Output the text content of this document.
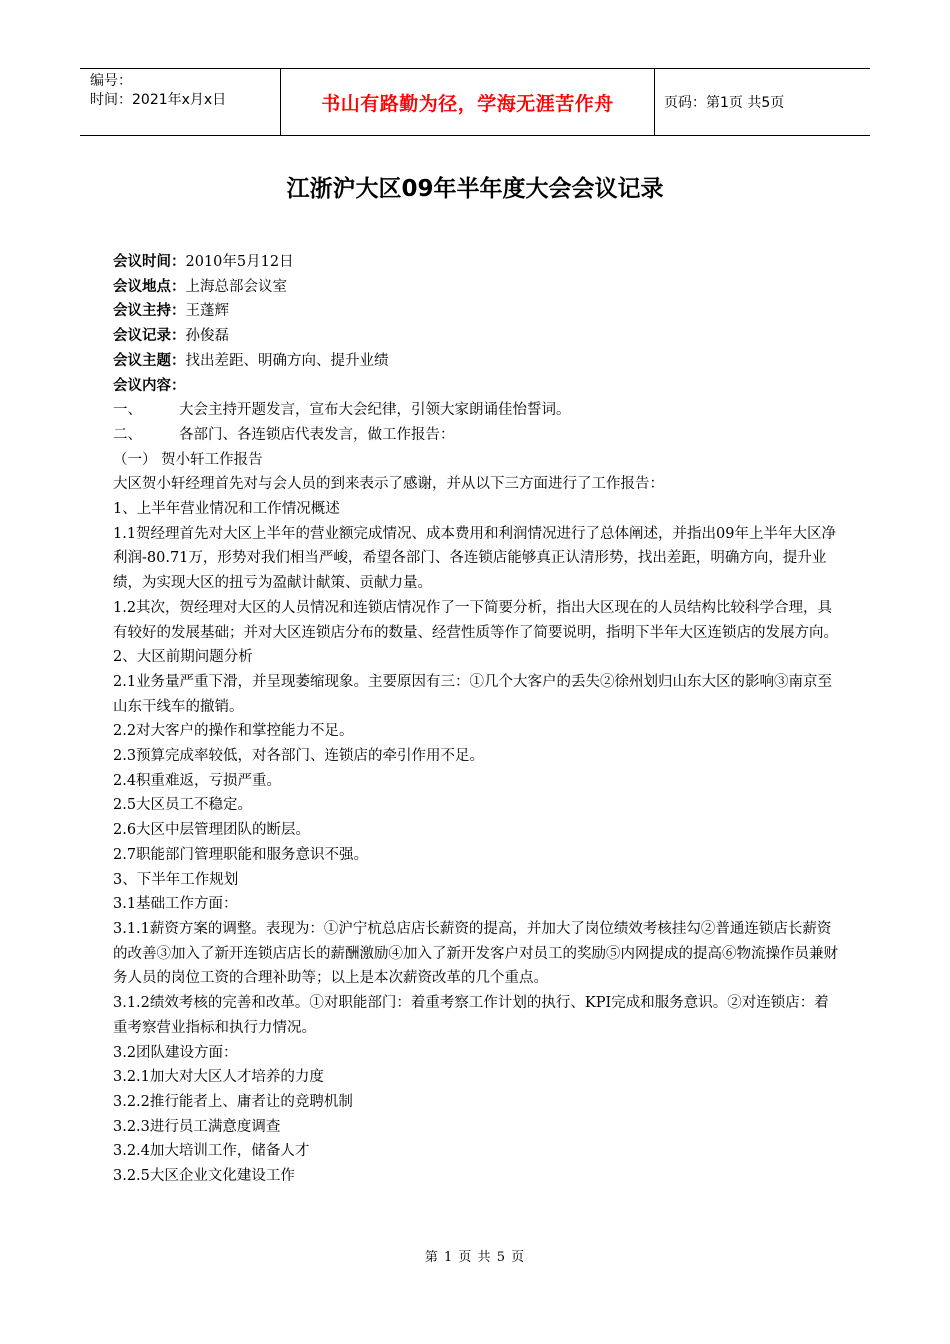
编号：
时间：2021年x月x日	书山有路勤为径，学海无涯苦作舟	页码：第1页 共5页
江浙沪大区09年半年度大会会议记录

会议时间：2010年5月12日

会议地点：上海总部会议室

会议主持：王蓬辉

会议记录：孙俊磊

会议主题：找出差距、明确方向、提升业绩

会议内容：

一、	大会主持开题发言，宣布大会纪律，引领大家朗诵佳怡誓词。

二、	各部门、各连锁店代表发言，做工作报告：

（一） 贺小轩工作报告

大区贺小轩经理首先对与会人员的到来表示了感谢，并从以下三方面进行了工作报告：

1、上半年营业情况和工作情况概述

1.1贺经理首先对大区上半年的营业额完成情况、成本费用和利润情况进行了总体阐述，并指出09年上半年大区净利润-80.71万，形势对我们相当严峻，希望各部门、各连锁店能够真正认清形势，找出差距，明确方向，提升业绩，为实现大区的扭亏为盈献计献策、贡献力量。

1.2其次，贺经理对大区的人员情况和连锁店情况作了一下简要分析，指出大区现在的人员结构比较科学合理，具有较好的发展基础；并对大区连锁店分布的数量、经营性质等作了简要说明，指明下半年大区连锁店的发展方向。

2、大区前期问题分析

2.1业务量严重下滑，并呈现萎缩现象。主要原因有三：①几个大客户的丢失②徐州划归山东大区的影响③南京至山东干线车的撤销。

2.2对大客户的操作和掌控能力不足。

2.3预算完成率较低，对各部门、连锁店的牵引作用不足。

2.4积重难返，亏损严重。

2.5大区员工不稳定。

2.6大区中层管理团队的断层。

2.7职能部门管理职能和服务意识不强。

3、下半年工作规划

3.1基础工作方面：

3.1.1薪资方案的调整。表现为：①沪宁杭总店店长薪资的提高，并加大了岗位绩效考核挂勾②普通连锁店长薪资的改善③加入了新开连锁店店长的薪酬激励④加入了新开发客户对员工的奖励⑤内网提成的提高⑥物流操作员兼财务人员的岗位工资的合理补助等；以上是本次薪资改革的几个重点。

3.1.2绩效考核的完善和改革。①对职能部门：着重考察工作计划的执行、KPI完成和服务意识。②对连锁店：着重考察营业指标和执行力情况。

3.2团队建设方面：

3.2.1加大对大区人才培养的力度

3.2.2推行能者上、庸者让的竞聘机制

3.2.3进行员工满意度调查

3.2.4加大培训工作，储备人才

3.2.5大区企业文化建设工作

第 1 页 共 5 页
